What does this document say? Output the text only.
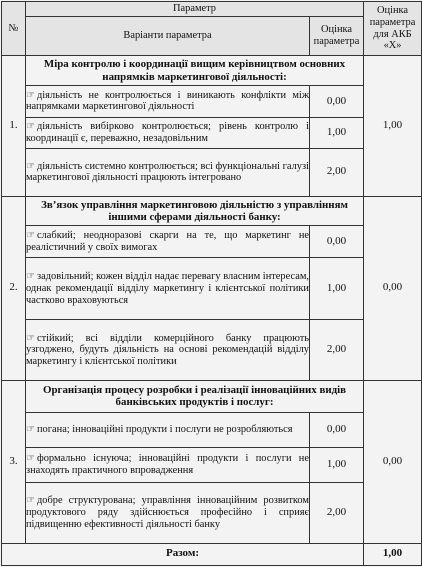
№	Параметр		Оцінка параметра для АКБ «Х»
	Варіанти параметра	Оцінка параметра	
1.	Міра контролю і координації вищим керівництвом основних напрямків маркетингової діяльності:		1,00
	☞ діяльність не контролюється і виникають конфлікти між напрямками маркетингової діяльності	0,00	
	☞ діяльність вибірково контролюється; рівень контролю і координації є, переважно, незадовільним	1,00	
	☞ діяльність системно контролюється; всі функціональні галузі маркетингової діяльності працюють інтегровано	2,00	
2.	Зв’язок управління маркетинговою діяльністю з управлінням іншими сферами діяльності банку:		0,00
	☞ слабкий; неодноразові скарги на те, що маркетинг не реалістичний у своїх вимогах	0,00	
	☞ задовільний; кожен відділ надає перевагу власним інтересам, однак рекомендації відділу маркетингу і клієнтської політики частково враховуються	1,00	
	☞ стійкий; всі відділи комерційного банку працюють узгоджено, будуть діяльність на основі рекомендацій відділу маркетингу і клієнтської політики	2,00	
3.	Організація процесу розробки і реалізації інноваційних видів банківських продуктів і послуг:		0,00
	☞ погана; інноваційні продукти і послуги не розробляються	0,00	
	☞ формально існуюча; інноваційні продукти і послуги не знаходять практичного впровадження	1,00	
	☞ добре структурована; управління інноваційним розвитком продуктового ряду здійснюється професійно і сприяє підвищенню ефективності діяльності банку	2,00	
Разом:			1,00
